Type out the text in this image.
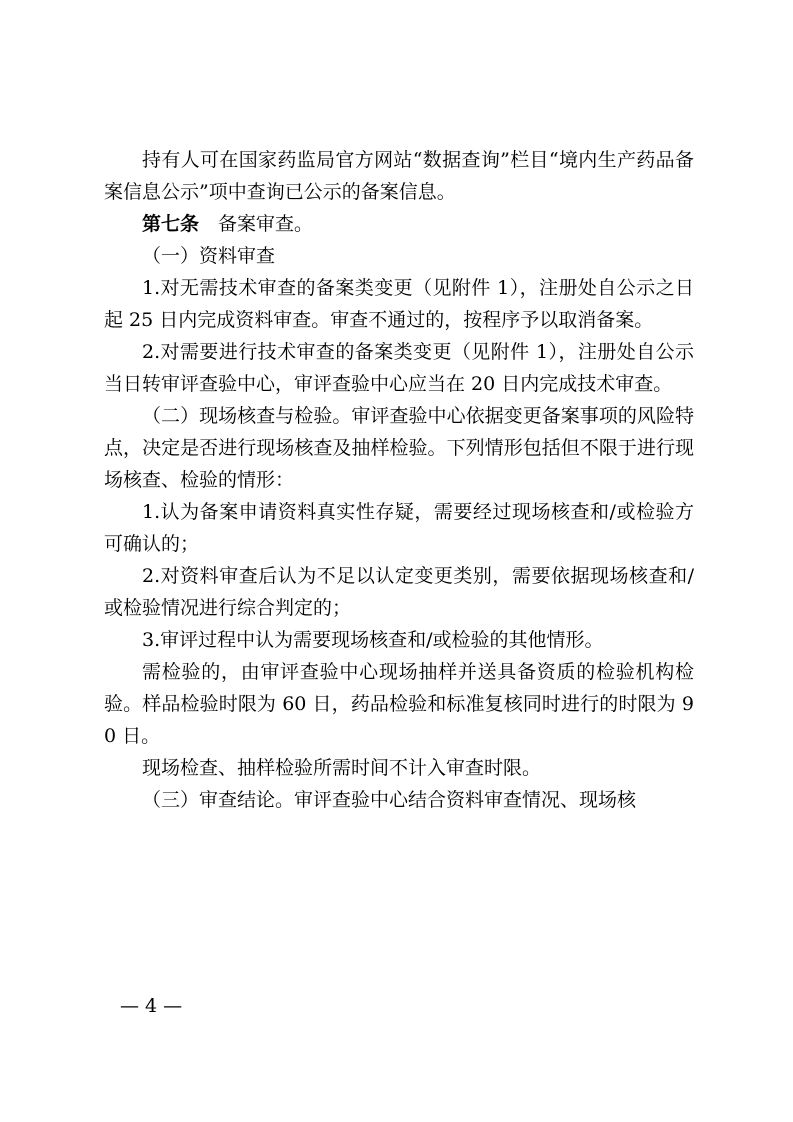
持有人可在国家药监局官方网站“数据查询”栏目“境内生产药品备案信息公示”项中查询已公示的备案信息。

第七条 备案审查。

（一）资料审查

1.对无需技术审查的备案类变更（见附件 1），注册处自公示之日起 25 日内完成资料审查。审查不通过的，按程序予以取消备案。

2.对需要进行技术审查的备案类变更（见附件 1），注册处自公示当日转审评查验中心，审评查验中心应当在 20 日内完成技术审查。

（二）现场核查与检验。审评查验中心依据变更备案事项的风险特点，决定是否进行现场核查及抽样检验。下列情形包括但不限于进行现场核查、检验的情形：

1.认为备案申请资料真实性存疑，需要经过现场核查和/或检验方可确认的；

2.对资料审查后认为不足以认定变更类别，需要依据现场核查和/或检验情况进行综合判定的；

3.审评过程中认为需要现场核查和/或检验的其他情形。

需检验的，由审评查验中心现场抽样并送具备资质的检验机构检验。样品检验时限为 60 日，药品检验和标准复核同时进行的时限为 90 日。

现场检查、抽样检验所需时间不计入审查时限。

（三）审查结论。审评查验中心结合资料审查情况、现场核

— 4 —
